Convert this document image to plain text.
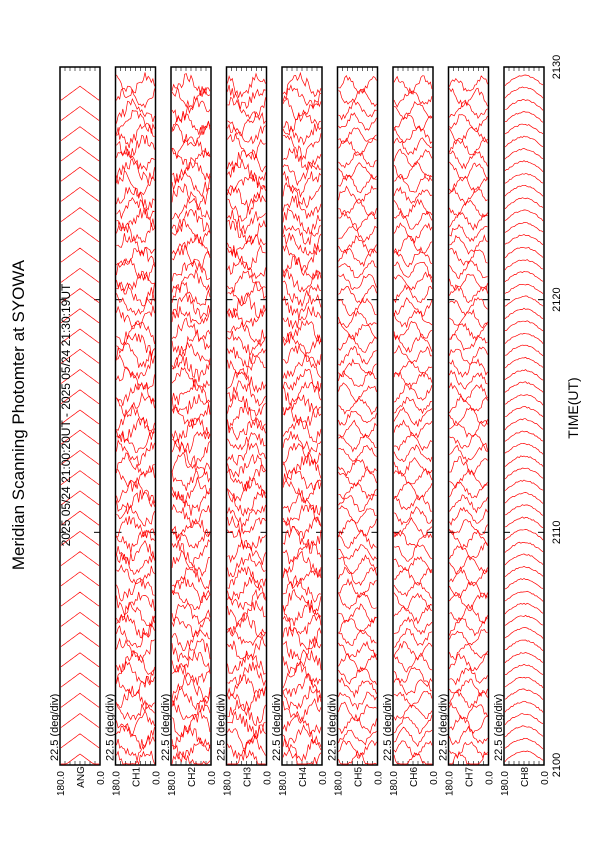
22.5 (deg/div)
ANG
180.0	0.0
22.5 (deg/div)
CH1
180.0	0.0
22.5 (deg/div)
CH2
180.0	0.0
22.5 (deg/div)
CH3
180.0	0.0
22.5 (deg/div)
CH4
180.0	0.0
22.5 (deg/div)
CH5
180.0	0.0
22.5 (deg/div)
CH6
180.0	0.0
22.5 (deg/div)
CH7
180.0	0.0
22.5 (deg/div)
CH8
180.0	0.0
2100
2110
2120
2130
Meridian Scanning Photomter at SYOWA	2025 05/24 21:00:20UT - 2025 05/24 21:30:19UT	TIME(UT)
